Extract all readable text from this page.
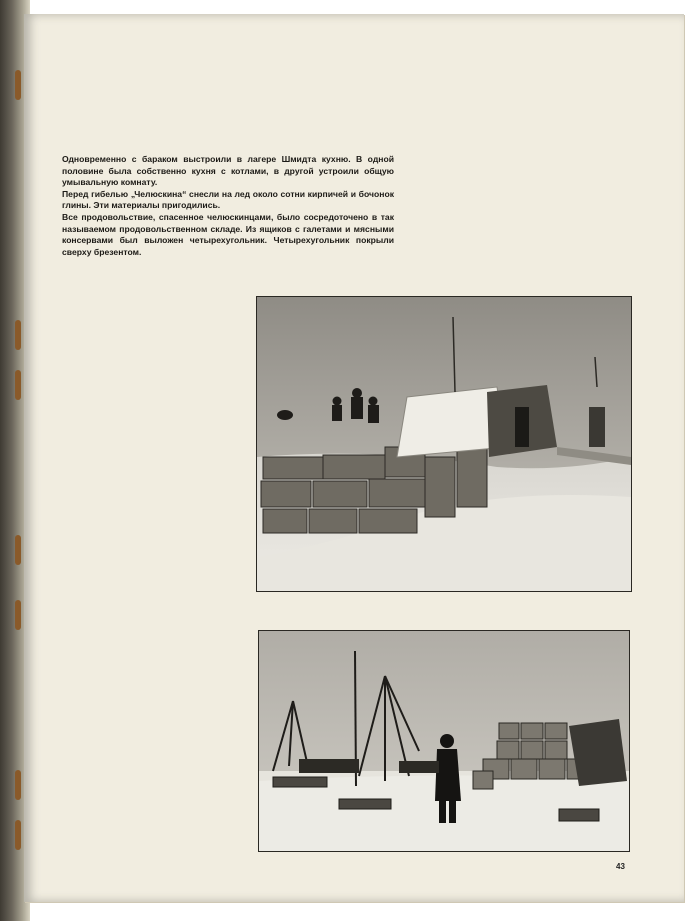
Одновременно с бараком выстроили в лагере Шмидта кухню. В одной половине была собственно кухня с котлами, в другой устроили общую умывальную комнату.

Перед гибелью „Челюскина“ снесли на лед около сотни кирпичей и бочонок глины. Эти материалы пригодились.

Все продовольствие, спасенное челюскинцами, было сосредоточено в так называемом продовольственном складе. Из ящиков с галетами и мясными консервами был выложен четырехугольник. Четырехугольник покрыли сверху брезентом.

43
